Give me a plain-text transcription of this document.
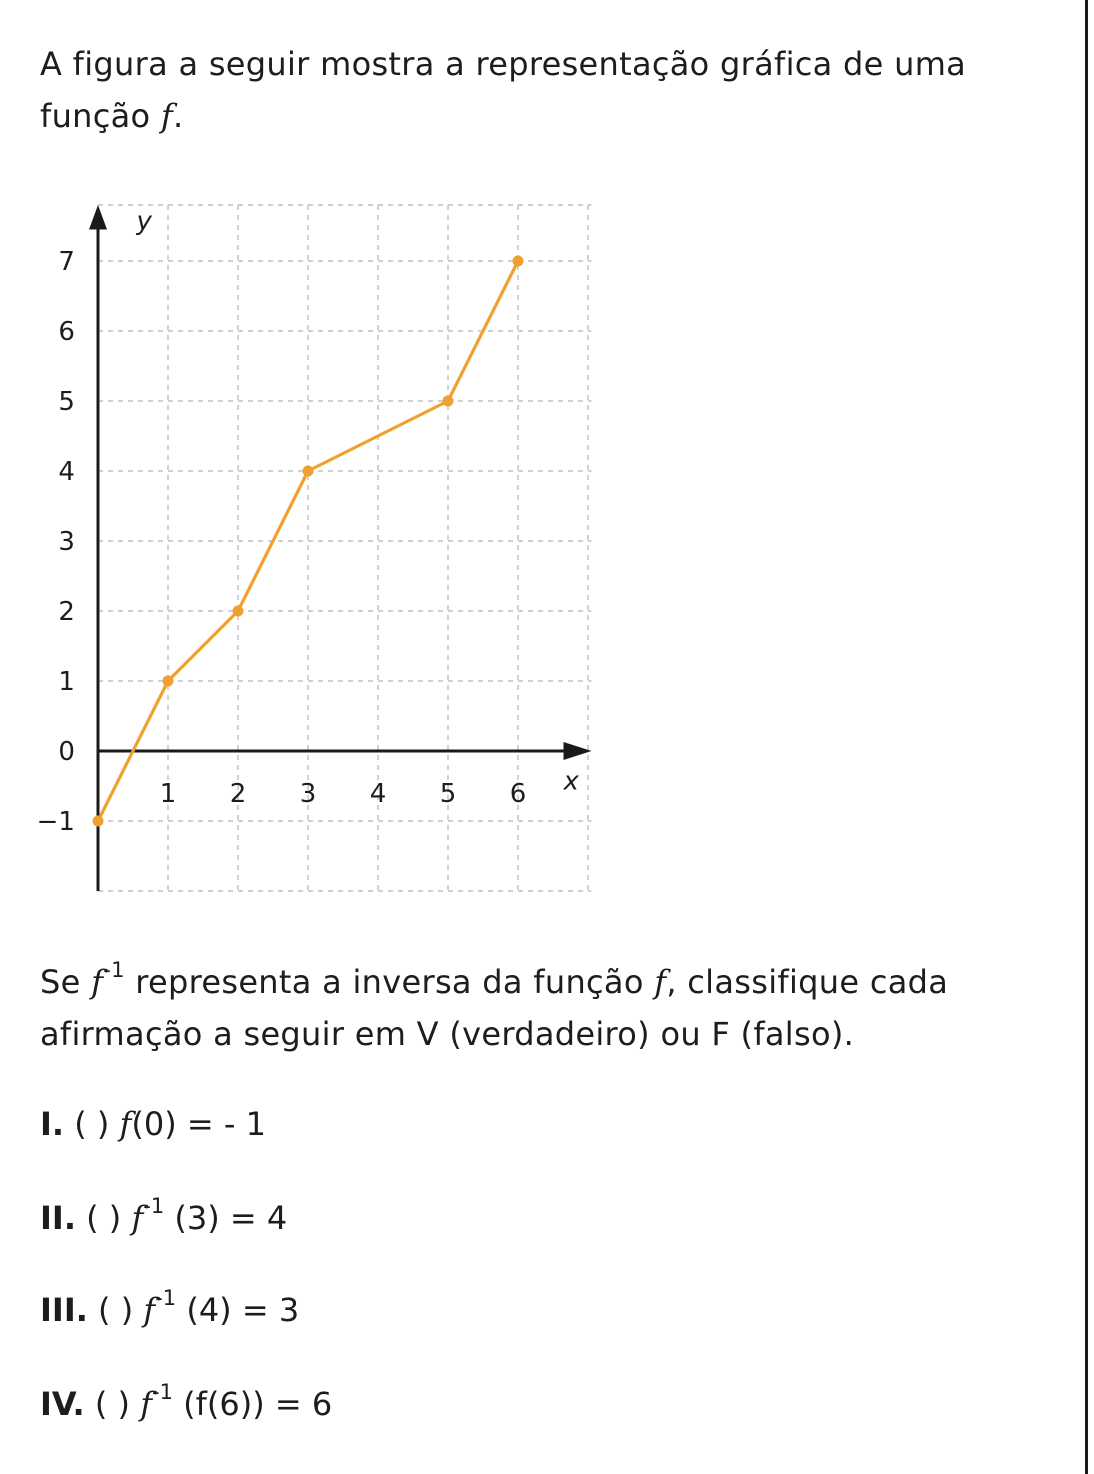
A figura a seguir mostra a representação gráfica de uma
função f.
y
x
1 2 3 4 5 6
−1
0
1
2
3
4
5
6
7
Se $f^{-1}$ representa a inversa da função f, classifique cada
afirmação a seguir em V (verdadeiro) ou F (falso).
I. ( ) f(0) = - 1
II. ( ) $f^{-1}$ (3) = 4
III. ( ) $f^{-1}$ (4) = 3
IV. ( ) $f^{-1}$ (f(6)) = 6
